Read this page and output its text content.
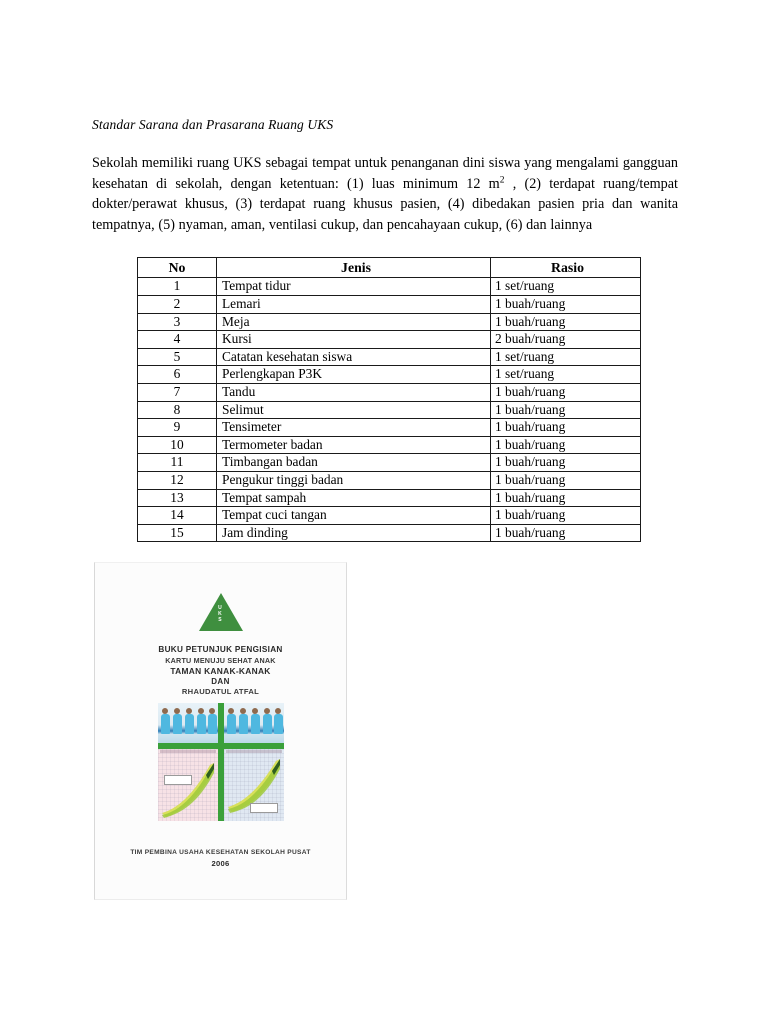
Standar Sarana dan Prasarana Ruang UKS

Sekolah memiliki ruang UKS sebagai tempat untuk penanganan dini siswa yang mengalami gangguan kesehatan di sekolah, dengan ketentuan: (1) luas minimum 12 $m^2$ , (2) terdapat ruang/tempat dokter/perawat khusus, (3) terdapat ruang khusus pasien, (4) dibedakan pasien pria dan wanita tempatnya, (5) nyaman, aman, ventilasi cukup, dan pencahayaan cukup, (6) dan lainnya

No	Jenis	Rasio
1	Tempat tidur	1 set/ruang
2	Lemari	1 buah/ruang
3	Meja	1 buah/ruang
4	Kursi	2 buah/ruang
5	Catatan kesehatan siswa	1 set/ruang
6	Perlengkapan P3K	1 set/ruang
7	Tandu	1 buah/ruang
8	Selimut	1 buah/ruang
9	Tensimeter	1 buah/ruang
10	Termometer badan	1 buah/ruang
11	Timbangan badan	1 buah/ruang
12	Pengukur tinggi badan	1 buah/ruang
13	Tempat sampah	1 buah/ruang
14	Tempat cuci tangan	1 buah/ruang
15	Jam dinding	1 buah/ruang
U
K
S
BUKU PETUNJUK PENGISIAN
KARTU MENUJU SEHAT ANAK
TAMAN KANAK-KANAK
DAN
RHAUDATUL ATFAL
TIM PEMBINA USAHA KESEHATAN SEKOLAH PUSAT
2006
